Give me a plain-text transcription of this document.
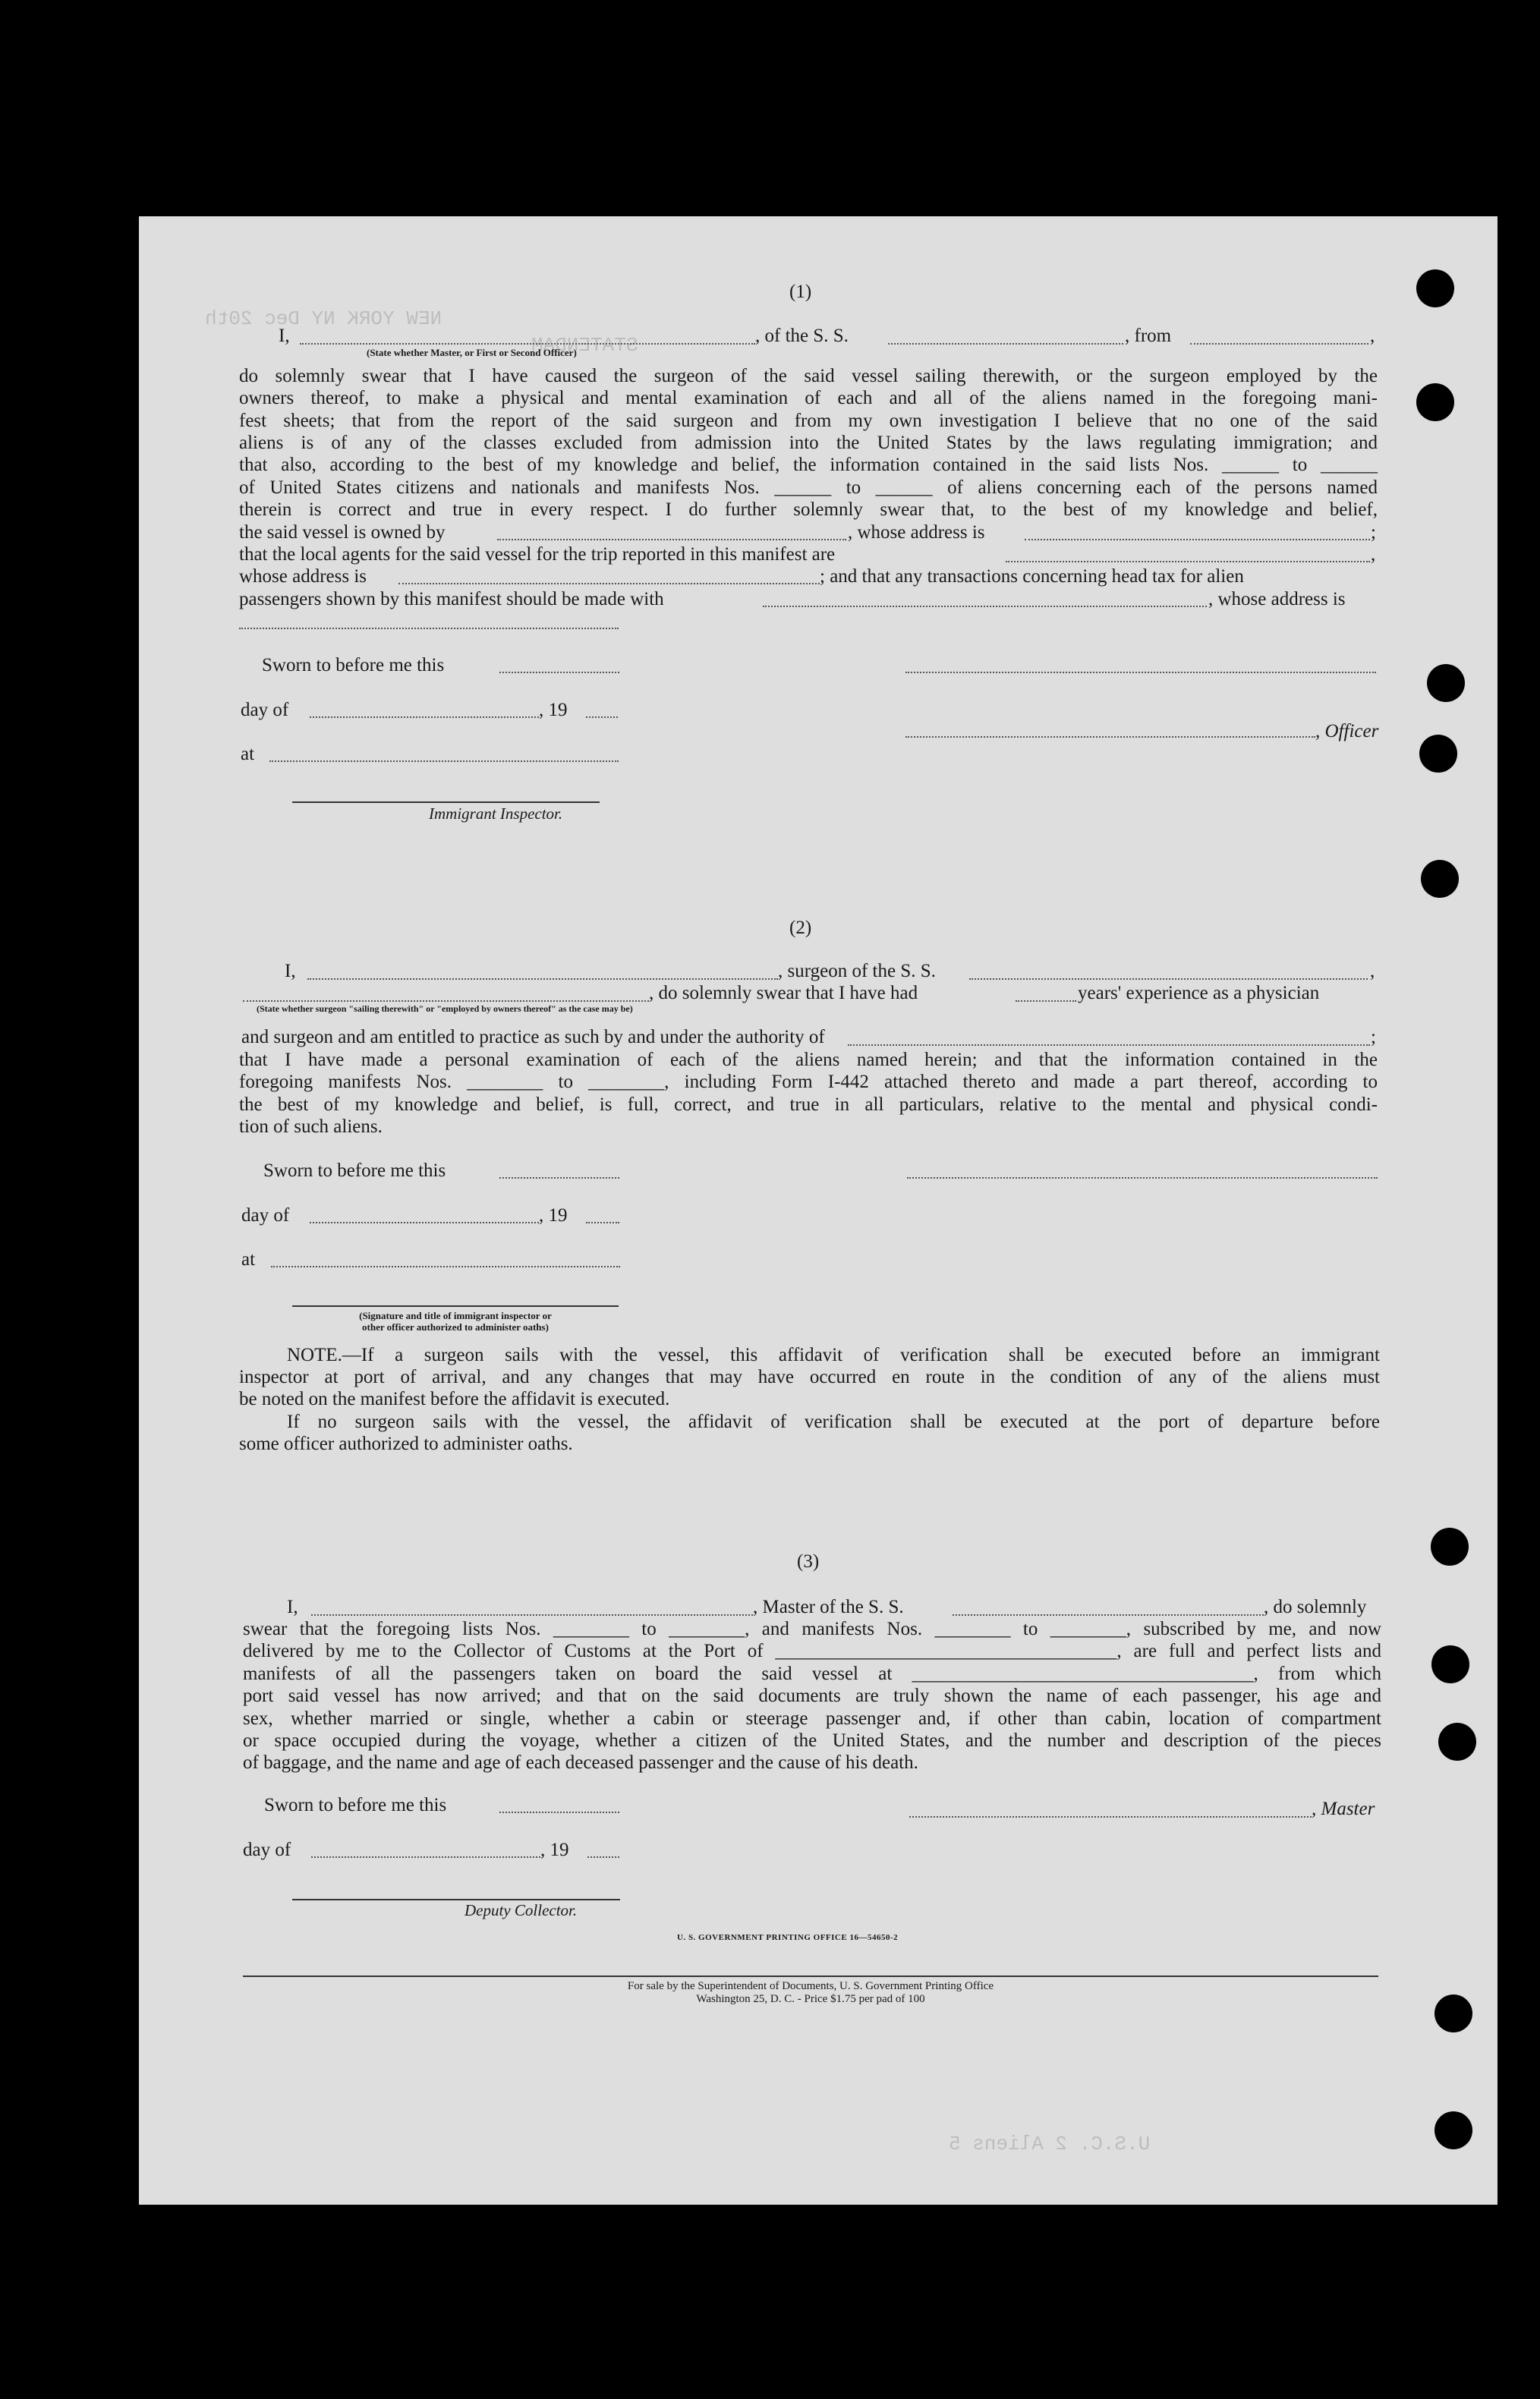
NEW YORK NY Dec 20th
STATENDAM
U.S.C. 2 Aliens 5
(1)
I,	, of the S. S.	, from	,
(State whether Master, or First or Second Officer)
do solemnly swear that I have caused the surgeon of the said vessel sailing therewith, or the surgeon employed by the
owners thereof, to make a physical and mental examination of each and all of the aliens named in the foregoing mani-
fest sheets; that from the report of the said surgeon and from my own investigation I believe that no one of the said
aliens is of any of the classes excluded from admission into the United States by the laws regulating immigration; and
that also, according to the best of my knowledge and belief, the information contained in the said lists Nos. ______ to ______
of United States citizens and nationals and manifests Nos. ______ to ______ of aliens concerning each of the persons named
therein is correct and true in every respect. I do further solemnly swear that, to the best of my knowledge and belief,
the said vessel is owned by	, whose address is	;
that the local agents for the said vessel for the trip reported in this manifest are	,
whose address is	; and that any transactions concerning head tax for alien
passengers shown by this manifest should be made with	, whose address is
Sworn to before me this
day of	, 19
, Officer
at
Immigrant Inspector.
(2)
I,	, surgeon of the S. S.	,
, do solemnly swear that I have had	years' experience as a physician
(State whether surgeon "sailing therewith" or "employed by owners thereof" as the case may be)
and surgeon and am entitled to practice as such by and under the authority of	;
that I have made a personal examination of each of the aliens named herein; and that the information contained in the
foregoing manifests Nos. ________ to ________, including Form I-442 attached thereto and made a part thereof, according to
the best of my knowledge and belief, is full, correct, and true in all particulars, relative to the mental and physical condi-
tion of such aliens.
Sworn to before me this
day of	, 19
at
(Signature and title of immigrant inspector or
other officer authorized to administer oaths)
NOTE.—If a surgeon sails with the vessel, this affidavit of verification shall be executed before an immigrant
inspector at port of arrival, and any changes that may have occurred en route in the condition of any of the aliens must
be noted on the manifest before the affidavit is executed.
If no surgeon sails with the vessel, the affidavit of verification shall be executed at the port of departure before
some officer authorized to administer oaths.
(3)
I,	, Master of the S. S.	, do solemnly
swear that the foregoing lists Nos. ________ to ________, and manifests Nos. ________ to ________, subscribed by me, and now
delivered by me to the Collector of Customs at the Port of ____________________________________, are full and perfect lists and
manifests of all the passengers taken on board the said vessel at ____________________________________, from which
port said vessel has now arrived; and that on the said documents are truly shown the name of each passenger, his age and
sex, whether married or single, whether a cabin or steerage passenger and, if other than cabin, location of compartment
or space occupied during the voyage, whether a citizen of the United States, and the number and description of the pieces
of baggage, and the name and age of each deceased passenger and the cause of his death.
Sworn to before me this	, Master
day of	, 19
Deputy Collector.
U. S. GOVERNMENT PRINTING OFFICE 16—54650-2
For sale by the Superintendent of Documents, U. S. Government Printing Office
Washington 25, D. C. - Price $1.75 per pad of 100
